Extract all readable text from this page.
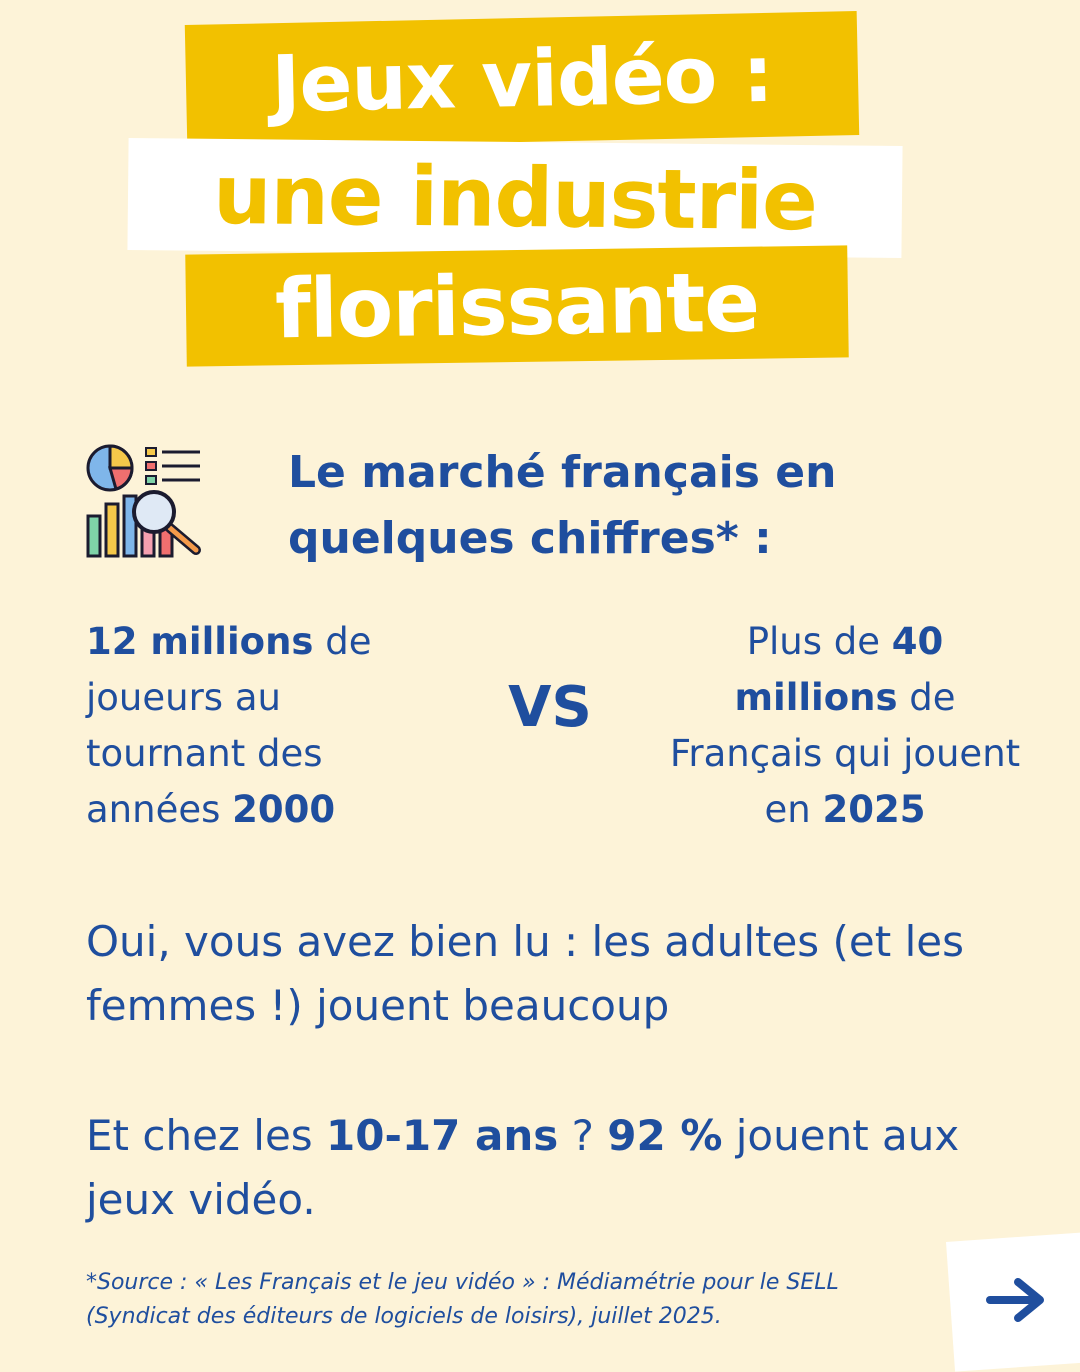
Jeux vidéo :
une industrie
florissante
Le marché français en quelques chiffres* :

12 millions de joueurs au tournant des années 2000

VS

Plus de 40 millions de Français qui jouent en 2025

Oui, vous avez bien lu : les adultes (et les femmes !) jouent beaucoup

Et chez les 10-17 ans ? 92 % jouent aux jeux vidéo.

*Source : « Les Français et le jeu vidéo » : Médiamétrie pour le SELL (Syndicat des éditeurs de logiciels de loisirs), juillet 2025.
